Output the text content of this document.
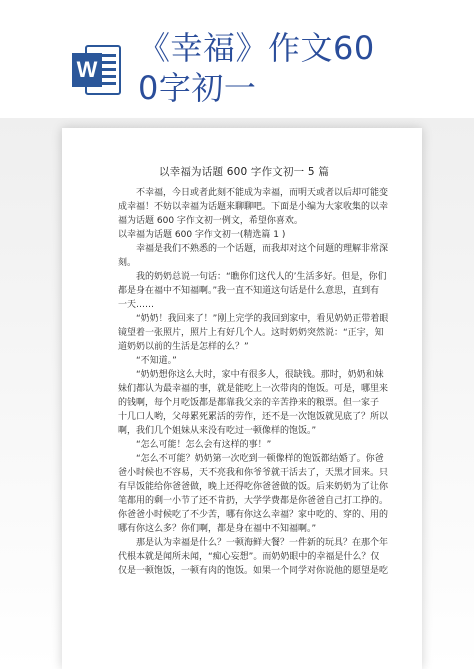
W
《幸福》作文60
0字初一
以幸福为话题 600 字作文初一 5 篇

　　不幸福，今日或者此刻不能成为幸福，而明天或者以后却可能变

成幸福！不妨以幸福为话题来聊聊吧。下面是小编为大家收集的以幸

福为话题 600 字作文初一例文，希望你喜欢。

以幸福为话题 600 字作文初一(精选篇 1 )

　　幸福是我们不熟悉的一个话题，而我却对这个问题的理解非常深

刻。

　　我的奶奶总说一句话：“瞧你们这代人的’生活多好。但是，你们

都是身在福中不知福啊。”我一直不知道这句话是什么意思，直到有

一天……

　　“奶奶！我回来了！”刚上完学的我回到家中，看见奶奶正带着眼

镜望着一张照片，照片上有好几个人。这时奶奶突然说：“正宇，知

道奶奶以前的生活是怎样的么？”

　　“不知道。”

　　“奶奶想你这么大时，家中有很多人，很缺钱。那时，奶奶和妹

妹们都认为最幸福的事，就是能吃上一次带肉的饱饭。可是，哪里来

的钱啊，每个月吃饭都是都靠我父亲的辛苦挣来的粮票。但一家子

十几口人哟，父母累死累活的劳作，还不是一次饱饭就见底了？所以

啊，我们几个姐妹从来没有吃过一顿像样的饱饭。”

　　“怎么可能！怎么会有这样的事！”

　　“怎么不可能？奶奶第一次吃到一顿像样的饱饭都结婚了。你爸

爸小时候也不容易，天不亮我和你爷爷就干活去了，天黑才回来。只

有早饭能给你爸爸做，晚上还得吃你爸爸做的饭。后来奶奶为了让你

笔都用的剩一小节了还不肯扔，大学学费都是你爸爸自己打工挣的。

你爸爸小时候吃了不少苦，哪有你这么幸福？家中吃的、穿的、用的

哪有你这么多？你们啊，都是身在福中不知福啊。”

　　那是认为幸福是什么？一顿海鲜大餐？一件新的玩具？在那个年

代根本就是闻所未闻，“痴心妄想”。而奶奶眼中的幸福是什么？仅

仅是一顿饱饭，一顿有肉的饱饭。如果一个同学对你说他的愿望是吃
